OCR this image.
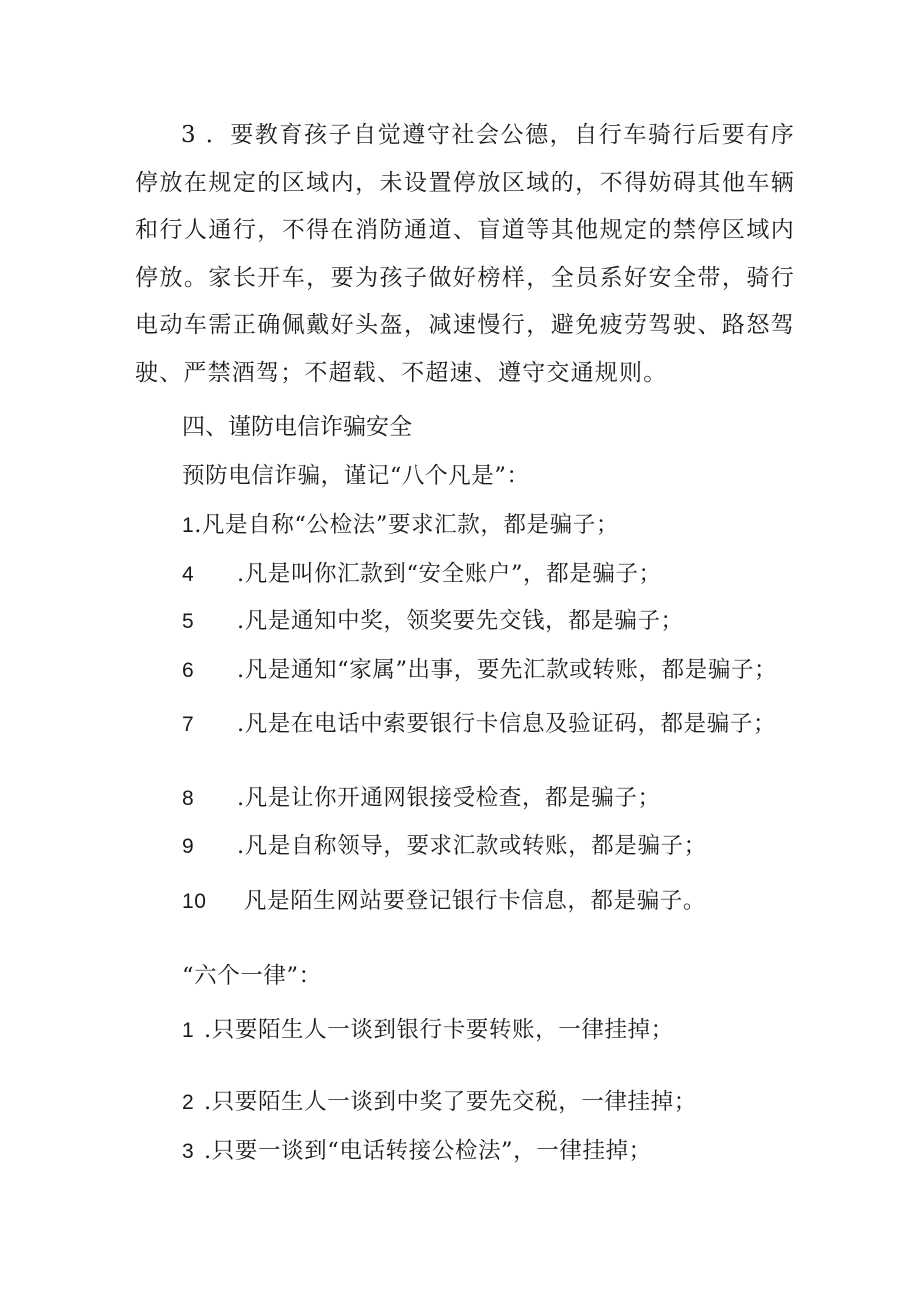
3 ．要教育孩子自觉遵守社会公德，自行车骑行后要有序停放在规定的区域内，未设置停放区域的，不得妨碍其他车辆和行人通行，不得在消防通道、盲道等其他规定的禁停区域内停放。家长开车，要为孩子做好榜样，全员系好安全带，骑行电动车需正确佩戴好头盔，减速慢行，避免疲劳驾驶、路怒驾驶、严禁酒驾；不超载、不超速、遵守交通规则。

四、谨防电信诈骗安全

预防电信诈骗，谨记“八个凡是”：

1.凡是自称“公检法”要求汇款，都是骗子；

4 .凡是叫你汇款到“安全账户”，都是骗子；

5 .凡是通知中奖，领奖要先交钱，都是骗子；

6 .凡是通知“家属”出事，要先汇款或转账，都是骗子；

7 .凡是在电话中索要银行卡信息及验证码，都是骗子；

8 .凡是让你开通网银接受检查，都是骗子；

9 .凡是自称领导，要求汇款或转账，都是骗子；

10 凡是陌生网站要登记银行卡信息，都是骗子。

“六个一律”：

1 .只要陌生人一谈到银行卡要转账，一律挂掉；

2 .只要陌生人一谈到中奖了要先交税，一律挂掉；

3 .只要一谈到“电话转接公检法”，一律挂掉；
